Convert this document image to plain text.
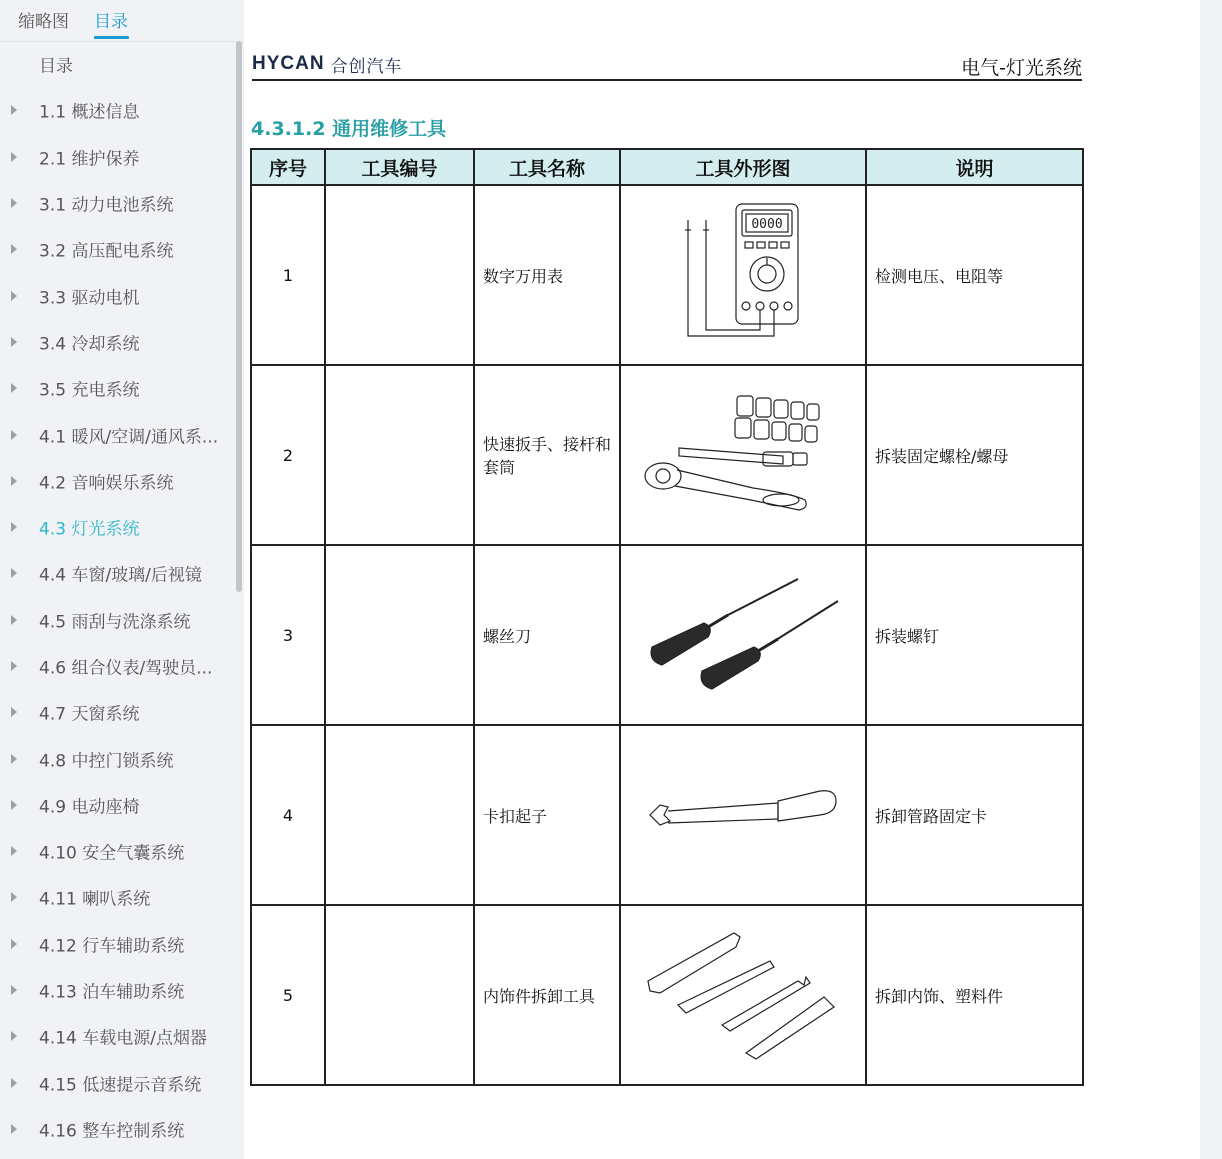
缩略图 目录
目录
1.1 概述信息
2.1 维护保养
3.1 动力电池系统
3.2 高压配电系统
3.3 驱动电机
3.4 冷却系统
3.5 充电系统
4.1 暖风/空调/通风系...
4.2 音响娱乐系统
4.3 灯光系统
4.4 车窗/玻璃/后视镜
4.5 雨刮与洗涤系统
4.6 组合仪表/驾驶员...
4.7 天窗系统
4.8 中控门锁系统
4.9 电动座椅
4.10 安全气囊系统
4.11 喇叭系统
4.12 行车辅助系统
4.13 泊车辅助系统
4.14 车载电源/点烟器
4.15 低速提示音系统
4.16 整车控制系统
HYCAN 合创汽车	电气-灯光系统
4.3.1.2 通用维修工具
序号	工具编号	工具名称	工具外形图	说明
1		数字万用表	0000	检测电压、电阻等
2		快速扳手、接杆和套筒		拆装固定螺栓/螺母
3		螺丝刀		拆装螺钉
4		卡扣起子		拆卸管路固定卡
5		内饰件拆卸工具		拆卸内饰、塑料件
